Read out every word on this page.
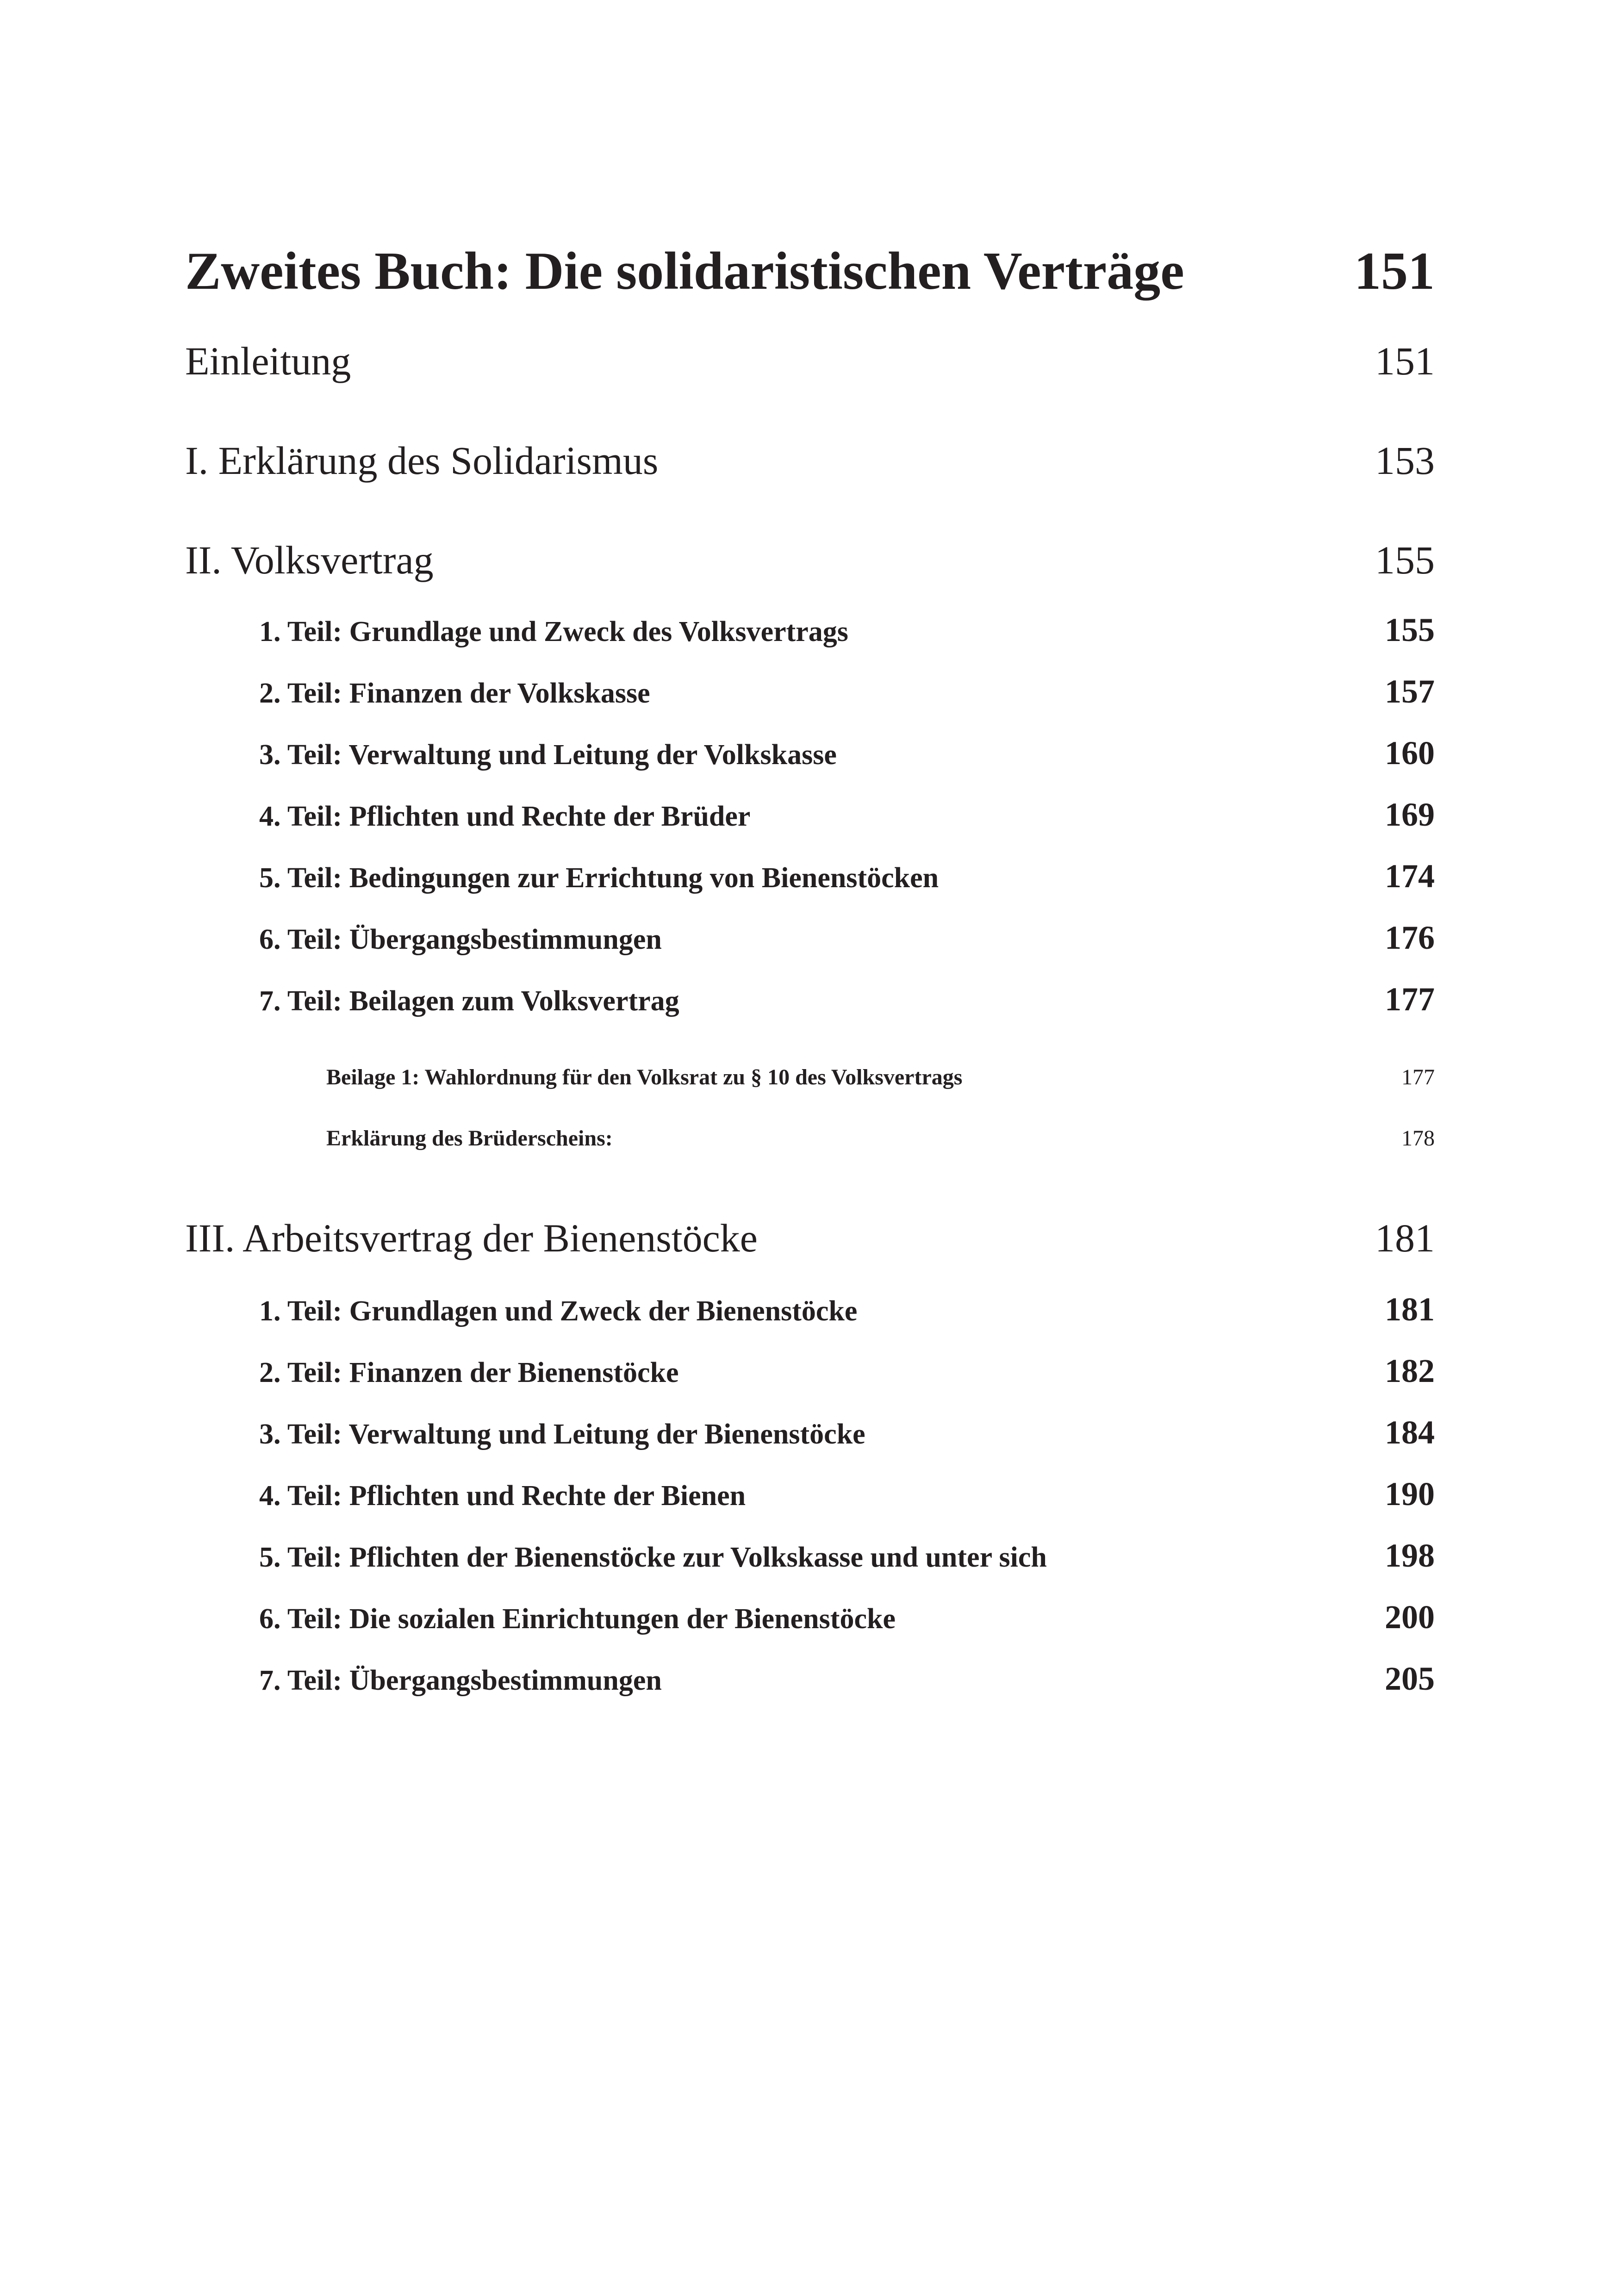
Zweites Buch: Die solidaristischen Verträge	151
Einleitung	151
I. Erklärung des Solidarismus	153
II. Volksvertrag	155
1. Teil: Grundlage und Zweck des Volksvertrags	155
2. Teil: Finanzen der Volkskasse	157
3. Teil: Verwaltung und Leitung der Volkskasse	160
4. Teil: Pflichten und Rechte der Brüder	169
5. Teil: Bedingungen zur Errichtung von Bienenstöcken	174
6. Teil: Übergangsbestimmungen	176
7. Teil: Beilagen zum Volksvertrag	177
Beilage 1: Wahlordnung für den Volksrat zu § 10 des Volksvertrags	177
Erklärung des Brüderscheins:	178
III. Arbeitsvertrag der Bienenstöcke	181
1. Teil: Grundlagen und Zweck der Bienenstöcke	181
2. Teil: Finanzen der Bienenstöcke	182
3. Teil: Verwaltung und Leitung der Bienenstöcke	184
4. Teil: Pflichten und Rechte der Bienen	190
5. Teil: Pflichten der Bienenstöcke zur Volkskasse und unter sich	198
6. Teil: Die sozialen Einrichtungen der Bienenstöcke	200
7. Teil: Übergangsbestimmungen	205
